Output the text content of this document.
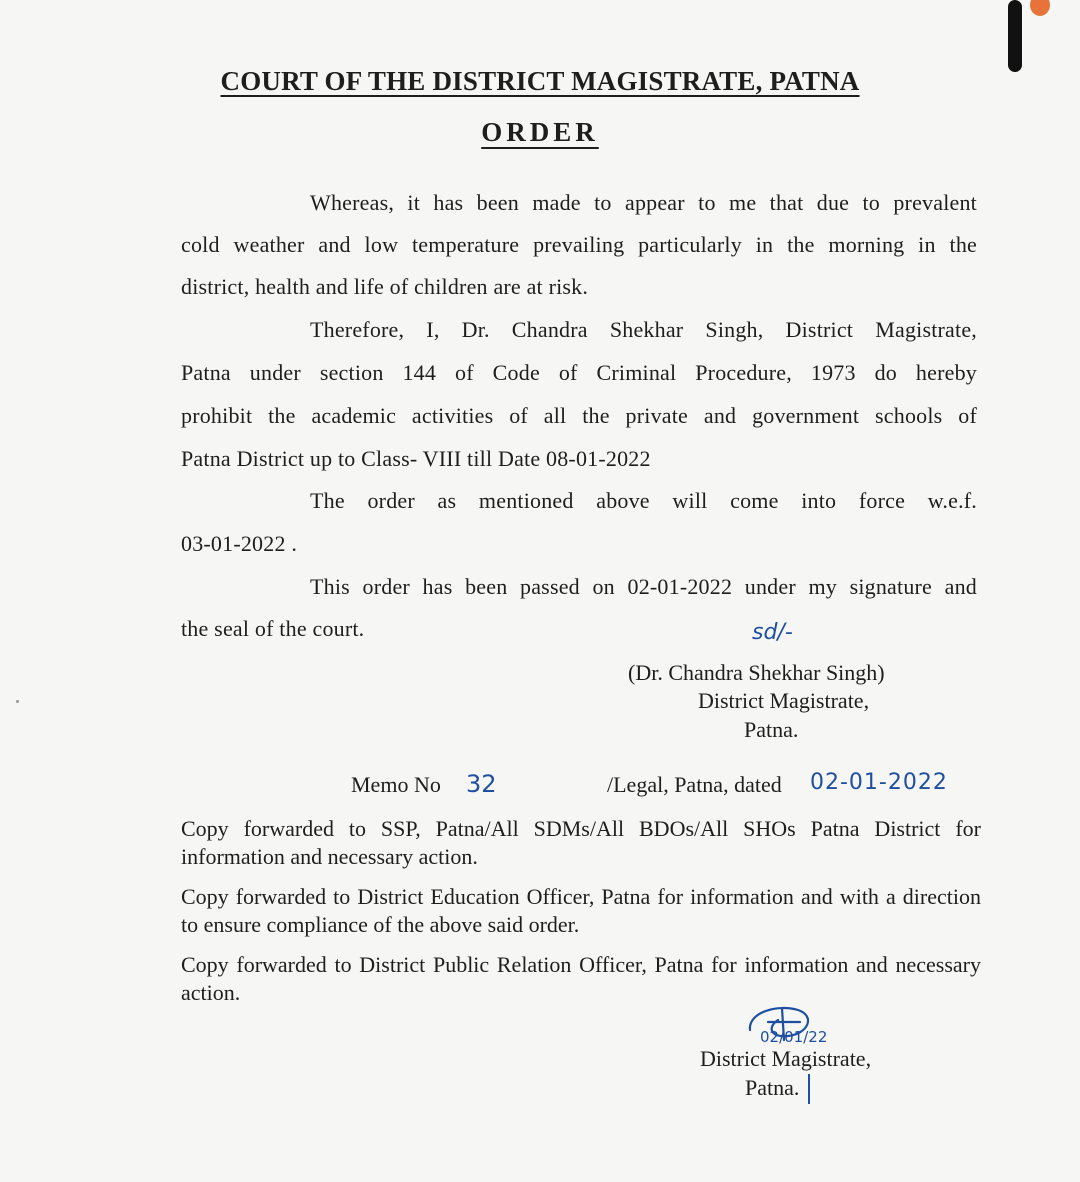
COURT OF THE DISTRICT MAGISTRATE, PATNA
ORDER
Whereas, it has been made to appear to me that due to prevalent
cold weather and low temperature prevailing particularly in the morning in the
district, health and life of children are at risk.
Therefore, I, Dr. Chandra Shekhar Singh, District Magistrate,
Patna under section 144 of Code of Criminal Procedure, 1973 do hereby
prohibit the academic activities of all the private and government schools of
Patna District up to Class- VIII till Date 08-01-2022
The order as mentioned above will come into force w.e.f.
03-01-2022 .
This order has been passed on 02-01-2022 under my signature and
the seal of the court.	sd/-
(Dr. Chandra Shekhar Singh)
District Magistrate,
Patna.
Memo No 32	/Legal, Patna, dated 02-01-2022
Copy forwarded to SSP, Patna/All SDMs/All BDOs/All SHOs Patna District for information and necessary action.
Copy forwarded to District Education Officer, Patna for information and with a direction to ensure compliance of the above said order.
Copy forwarded to District Public Relation Officer, Patna for information and necessary action.
02/01/22
District Magistrate,
Patna.
